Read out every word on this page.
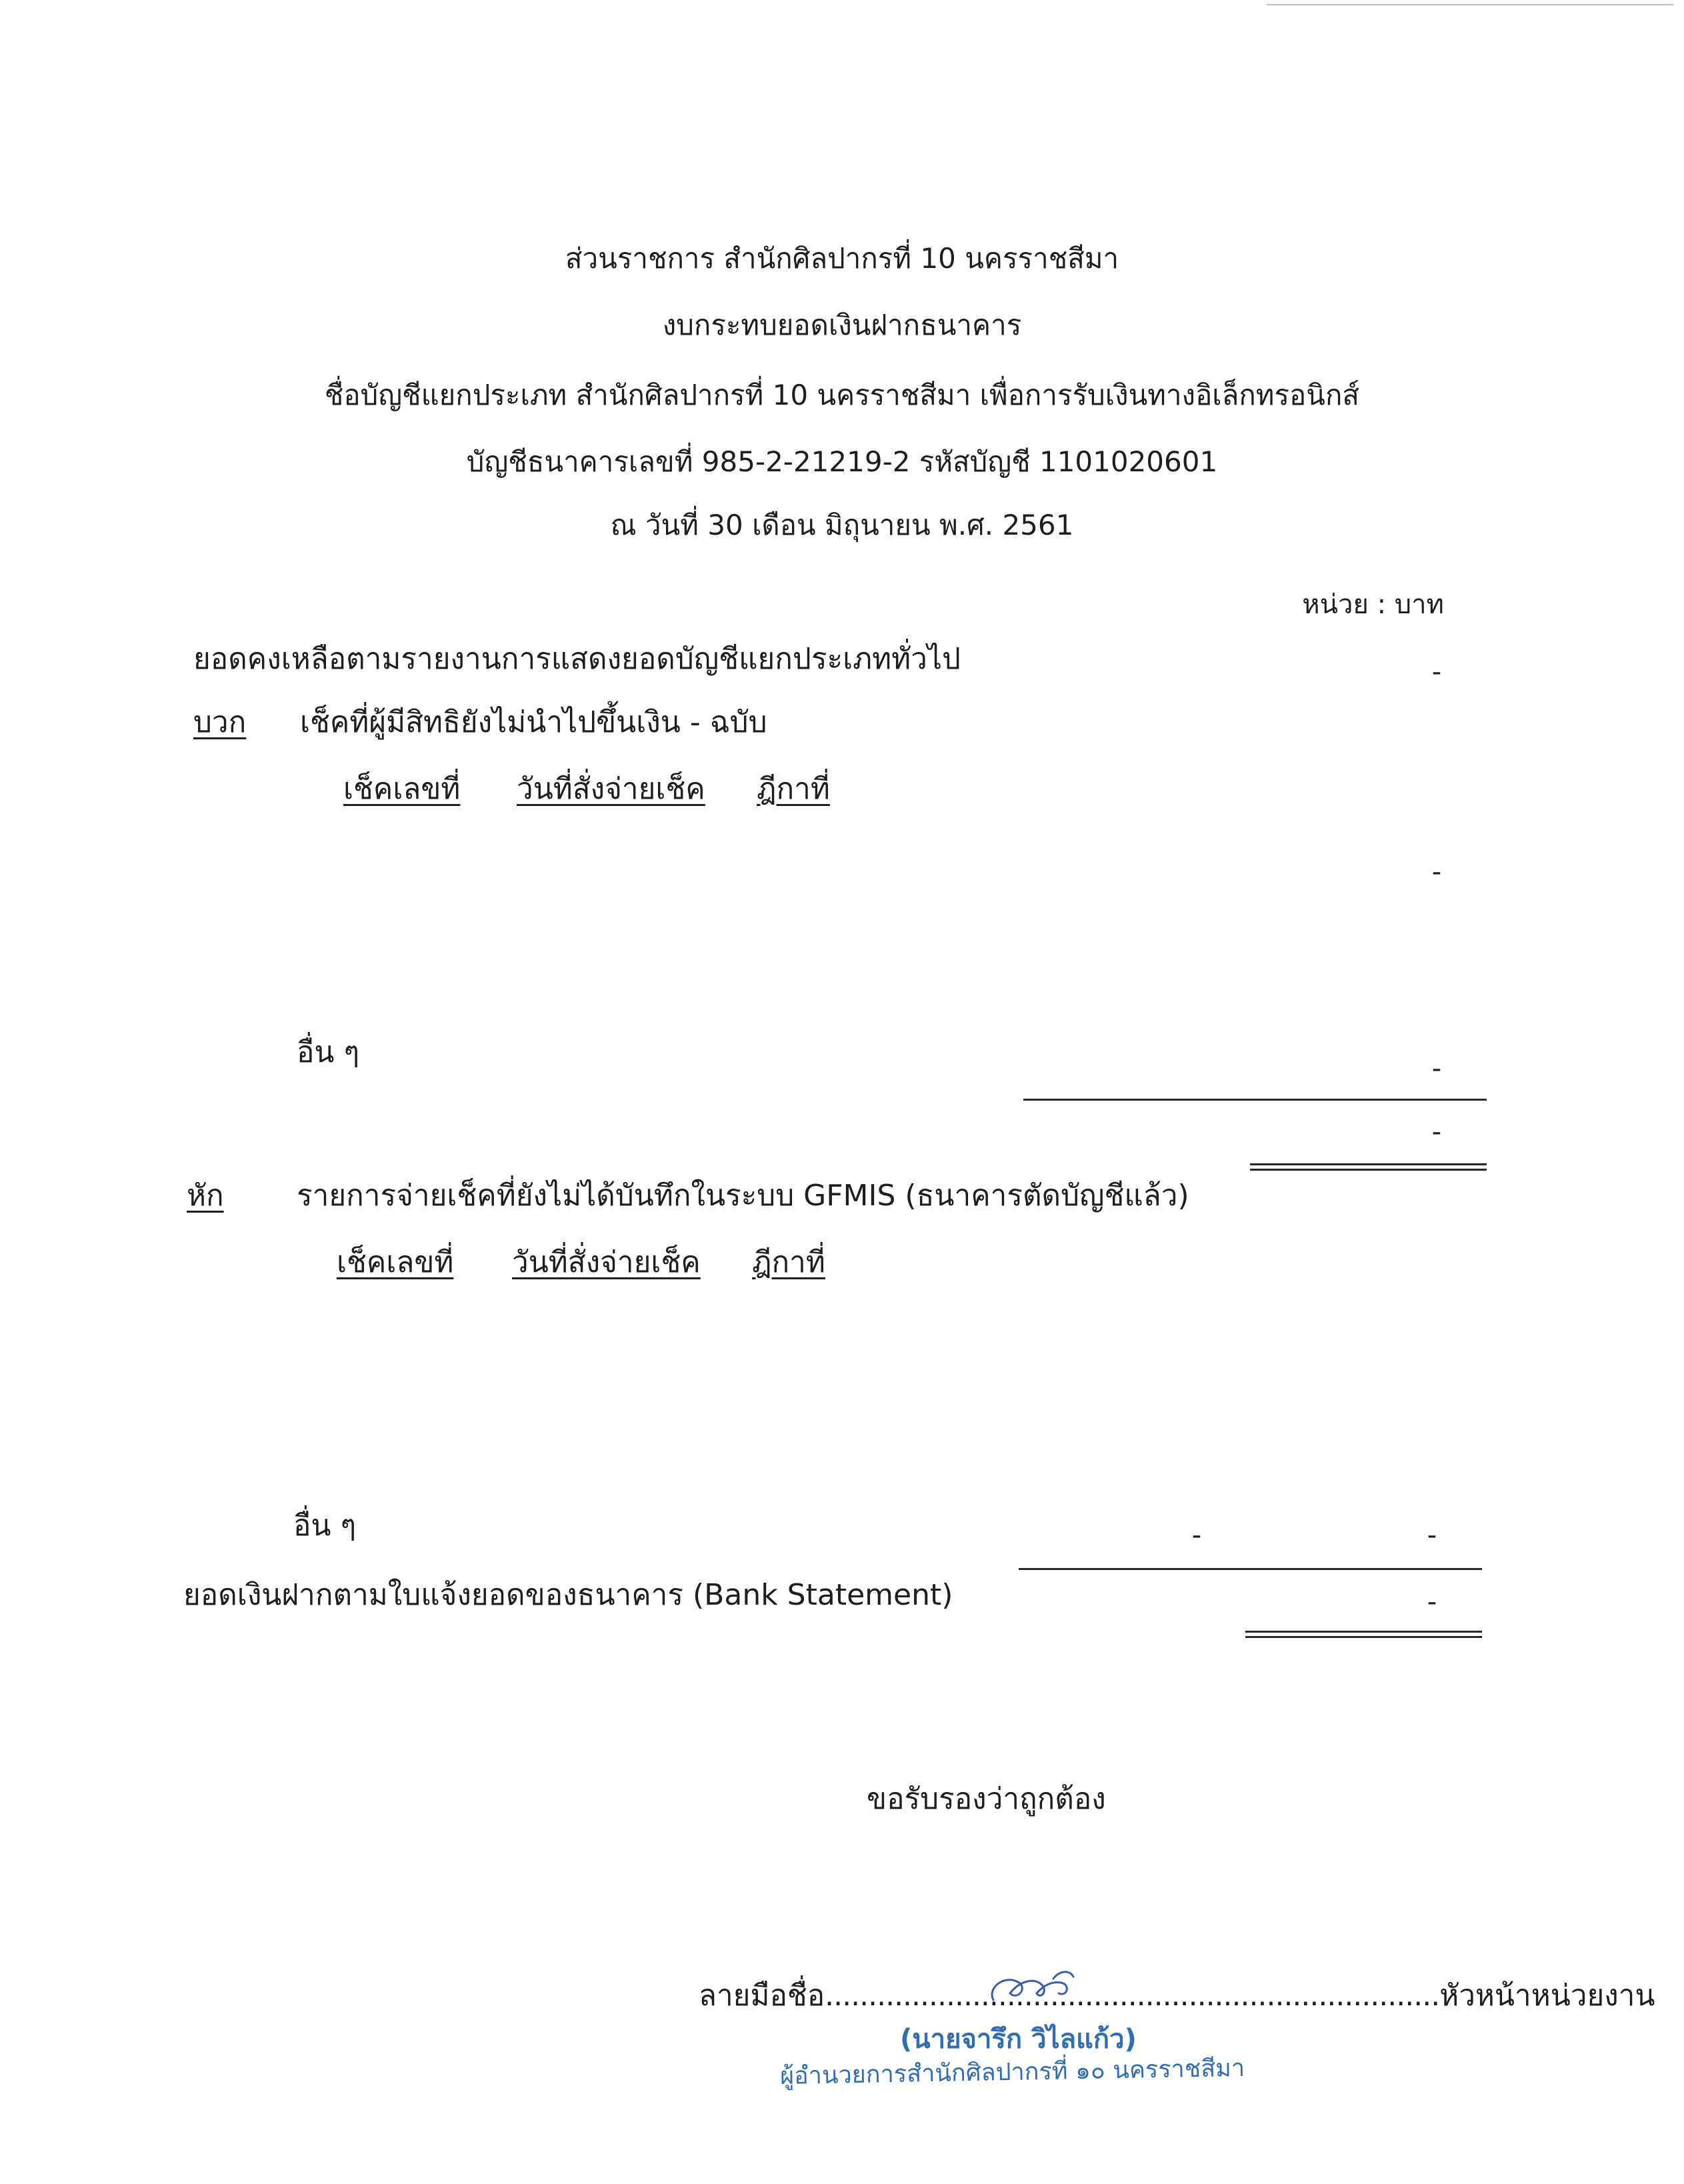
ส่วนราชการ สำนักศิลปากรที่ 10 นครราชสีมา
งบกระทบยอดเงินฝากธนาคาร
ชื่อบัญชีแยกประเภท สำนักศิลปากรที่ 10 นครราชสีมา เพื่อการรับเงินทางอิเล็กทรอนิกส์
บัญชีธนาคารเลขที่ 985-2-21219-2 รหัสบัญชี 1101020601
ณ วันที่ 30 เดือน มิถุนายน พ.ศ. 2561
หน่วย : บาท
ยอดคงเหลือตามรายงานการแสดงยอดบัญชีแยกประเภททั่วไป	-
บวก เช็คที่ผู้มีสิทธิยังไม่นำไปขึ้นเงิน - ฉบับ
เช็คเลขที่ วันที่สั่งจ่ายเช็ค ฎีกาที่
-
อื่น ๆ	-
-
หัก รายการจ่ายเช็คที่ยังไม่ได้บันทึกในระบบ GFMIS (ธนาคารตัดบัญชีแล้ว)
เช็คเลขที่ วันที่สั่งจ่ายเช็ค ฎีกาที่
อื่น ๆ	-	-
ยอดเงินฝากตามใบแจ้งยอดของธนาคาร (Bank Statement)	-
ขอรับรองว่าถูกต้อง
ลายมือชื่อ.......................................................................หัวหน้าหน่วยงาน
(นายจารึก วิไลแก้ว)
ผู้อำนวยการสำนักศิลปากรที่ ๑๐ นครราชสีมา
